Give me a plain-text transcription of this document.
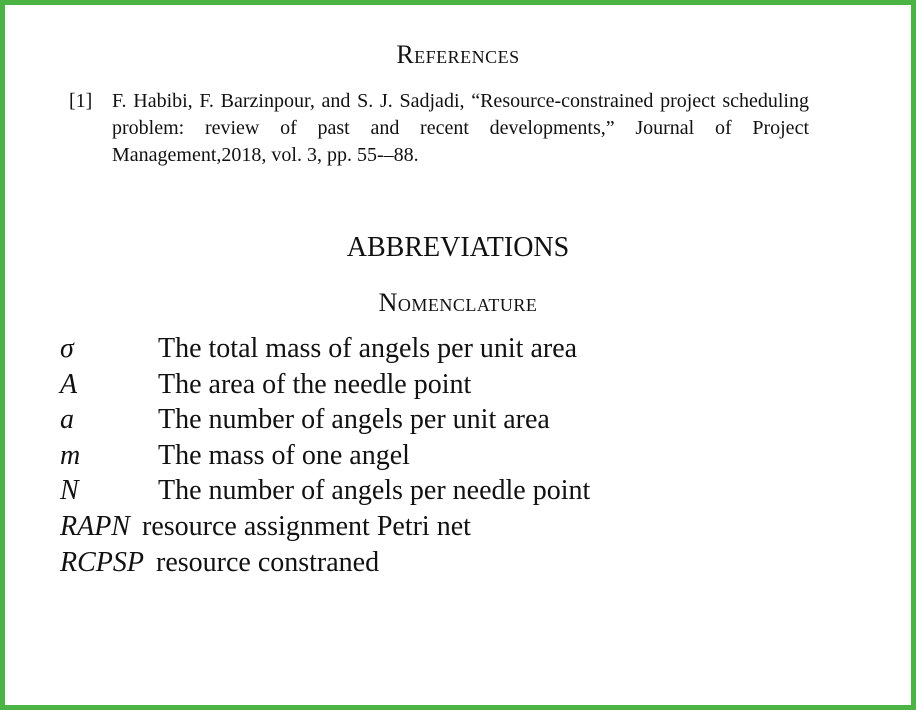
References
[1] F. Habibi, F. Barzinpour, and S. J. Sadjadi, “Resource-constrained project scheduling problem: review of past and recent developments,” Journal of Project Management,2018, vol. 3, pp. 55-–88.
ABBREVIATIONS
Nomenclature
σ	The total mass of angels per unit area
A	The area of the needle point
a	The number of angels per unit area
m	The mass of one angel
N	The number of angels per needle point
RAPN resource assignment Petri net
RCPSP resource constraned
